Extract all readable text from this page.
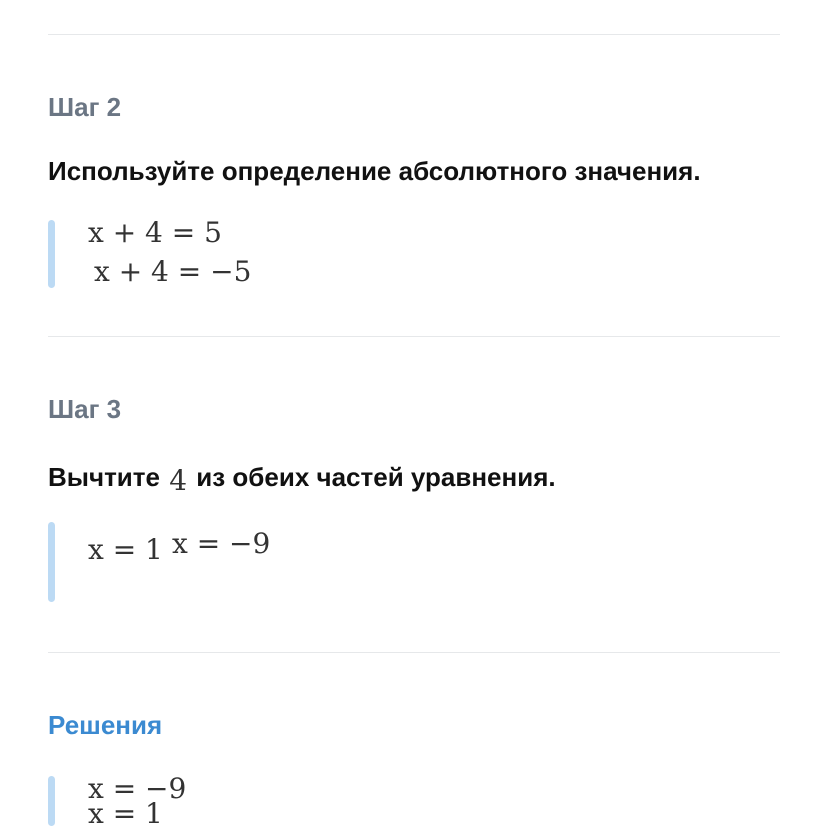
Шаг 2
Используйте определение абсолютного значения.
x + 4 = 5
x + 4 = −5
Шаг 3
Вычтите 4 из обеих частей уравнения.
x = 1 x = −9
Решения
x = −9
x = 1
